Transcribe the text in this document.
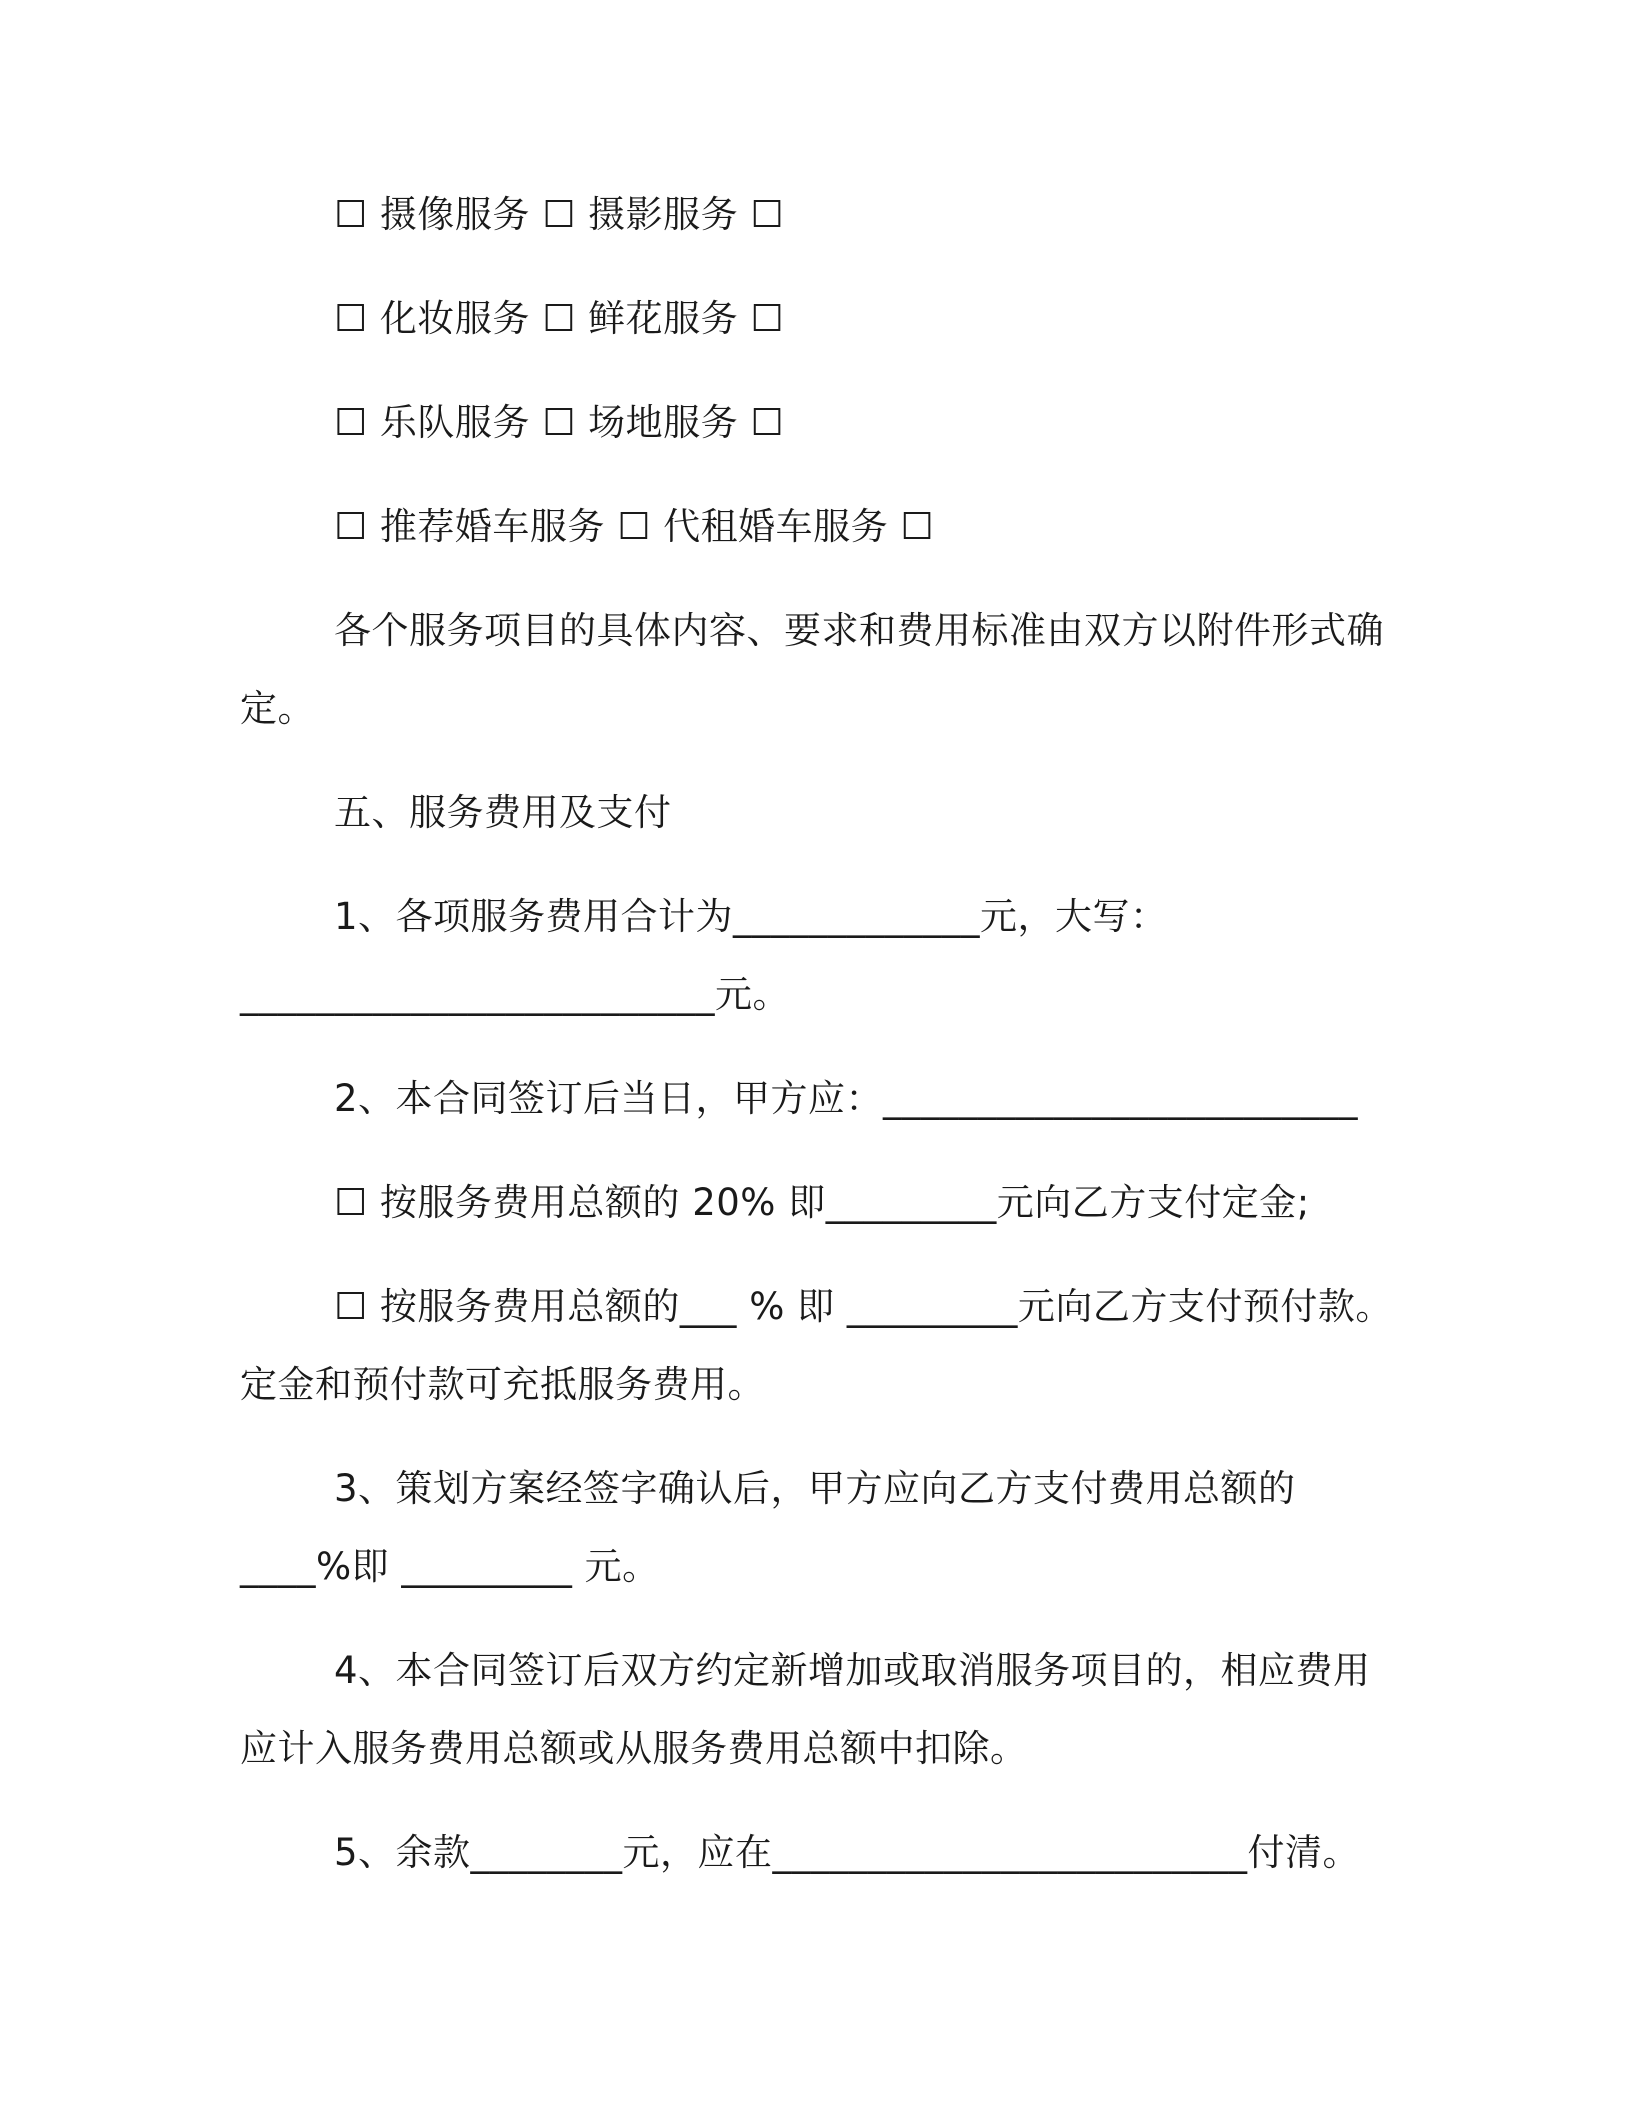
☐ 摄像服务 ☐ 摄影服务 ☐
☐ 化妆服务 ☐ 鲜花服务 ☐
☐ 乐队服务 ☐ 场地服务 ☐
☐ 推荐婚车服务 ☐ 代租婚车服务 ☐
各个服务项目的具体内容、要求和费用标准由双方以附件形式确
定。
五、服务费用及支付
1、各项服务费用合计为_____________元，大写：
_________________________元。
2、本合同签订后当日，甲方应：_________________________
☐ 按服务费用总额的 20% 即_________元向乙方支付定金;
☐ 按服务费用总额的___ % 即 _________元向乙方支付预付款。
定金和预付款可充抵服务费用。
3、策划方案经签字确认后，甲方应向乙方支付费用总额的
____%即 _________ 元。
4、本合同签订后双方约定新增加或取消服务项目的，相应费用
应计入服务费用总额或从服务费用总额中扣除。
5、余款________元，应在_________________________付清。
